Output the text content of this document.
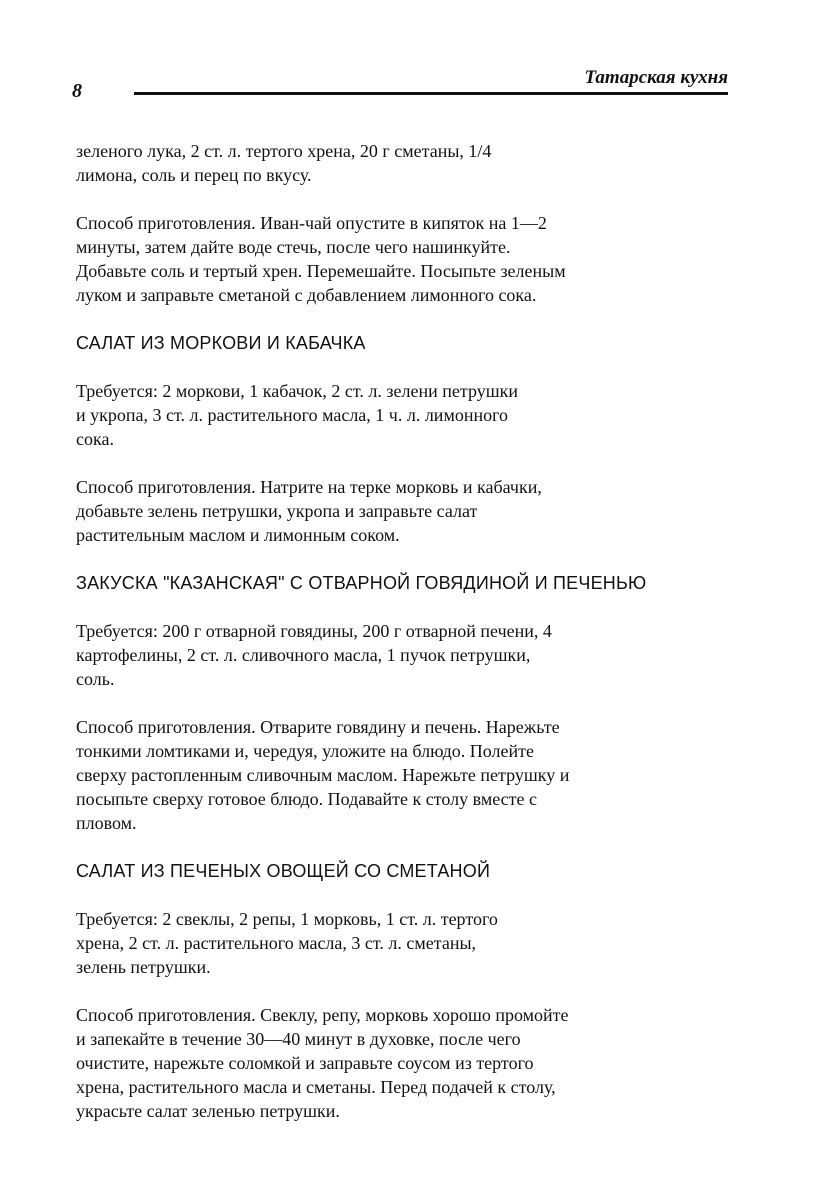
8
Татарская кухня

зеленого лука, 2 ст. л. тертого хрена, 20 г сметаны, 1/4
лимона, соль и перец по вкусу.

Способ приготовления. Иван-чай опустите в кипяток на 1—2
минуты, затем дайте воде стечь, после чего нашинкуйте.
Добавьте соль и тертый хрен. Перемешайте. Посыпьте зеленым
луком и заправьте сметаной с добавлением лимонного сока.

САЛАТ ИЗ МОРКОВИ И КАБАЧКА

Требуется: 2 моркови, 1 кабачок, 2 ст. л. зелени петрушки
и укропа, 3 ст. л. растительного масла, 1 ч. л. лимонного
сока.

Способ приготовления. Натрите на терке морковь и кабачки,
добавьте зелень петрушки, укропа и заправьте салат
растительным маслом и лимонным соком.

ЗАКУСКА "КАЗАНСКАЯ" С ОТВАРНОЙ ГОВЯДИНОЙ И ПЕЧЕНЬЮ

Требуется: 200 г отварной говядины, 200 г отварной печени, 4
картофелины, 2 ст. л. сливочного масла, 1 пучок петрушки,
соль.

Способ приготовления. Отварите говядину и печень. Нарежьте
тонкими ломтиками и, чередуя, уложите на блюдо. Полейте
сверху растопленным сливочным маслом. Нарежьте петрушку и
посыпьте сверху готовое блюдо. Подавайте к столу вместе с
пловом.

САЛАТ ИЗ ПЕЧЕНЫХ ОВОЩЕЙ СО СМЕТАНОЙ

Требуется: 2 свеклы, 2 репы, 1 морковь, 1 ст. л. тертого
хрена, 2 ст. л. растительного масла, 3 ст. л. сметаны,
зелень петрушки.

Способ приготовления. Свеклу, репу, морковь хорошо промойте
и запекайте в течение 30—40 минут в духовке, после чего
очистите, нарежьте соломкой и заправьте соусом из тертого
хрена, растительного масла и сметаны. Перед подачей к столу,
украсьте салат зеленью петрушки.
